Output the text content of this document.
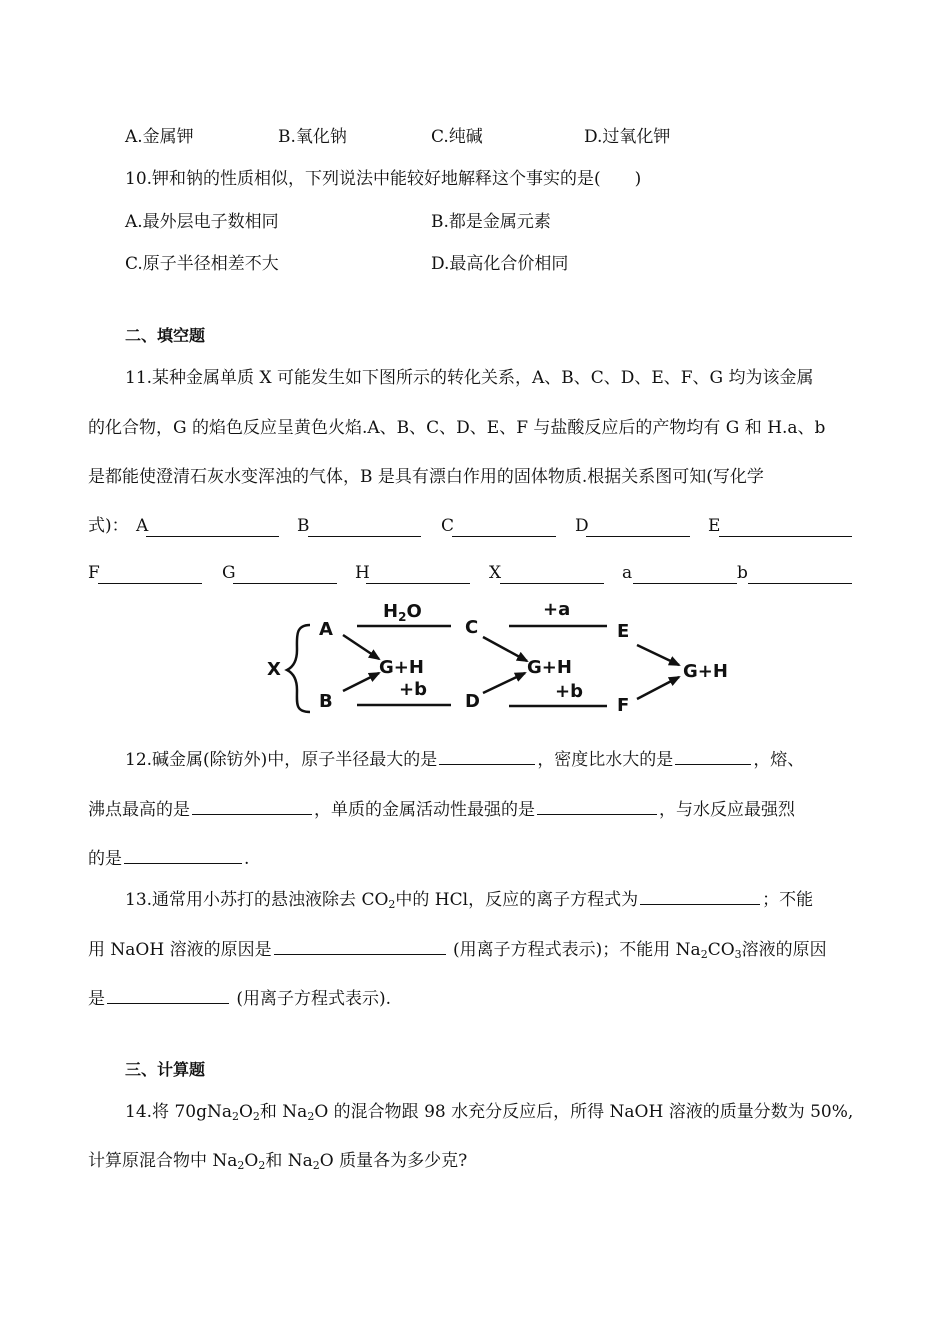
A.金属钾	B.氧化钠	C.纯碱	D.过氧化钾
10.钾和钠的性质相似，下列说法中能较好地解释这个事实的是(　　)
A.最外层电子数相同	B.都是金属元素
C.原子半径相差不大	D.最高化合价相同
二、填空题
11.某种金属单质 X 可能发生如下图所示的转化关系，A、B、C、D、E、F、G 均为该金属
的化合物，G 的焰色反应呈黄色火焰.A、B、C、D、E、F 与盐酸反应后的产物均有 G 和 H.a、b
是都能使澄清石灰水变浑浊的气体，B 是具有漂白作用的固体物质.根据关系图可知(写化学
式)： A	B	C	D	E
F	G	H	X	a	b
X
A
B
G+H
$H_2O$
+b
C
D
G+H
+a
+b
E
F
G+H
12.碱金属(除钫外)中，原子半径最大的是	，密度比水大的是	，熔、
沸点最高的是	，单质的金属活动性最强的是	，与水反应最强烈
的是	.
13.通常用小苏打的悬浊液除去 $CO_2$中的 HCl，反应的离子方程式为	；不能
用 NaOH 溶液的原因是	(用离子方程式表示)；不能用 $Na_2CO_3$溶液的原因
是	(用离子方程式表示).
三、计算题
14.将 $70gNa_2O_2$和 $Na_2O$ 的混合物跟 98 水充分反应后，所得 NaOH 溶液的质量分数为 50%,
计算原混合物中 $Na_2O_2$和 $Na_2O$ 质量各为多少克?
